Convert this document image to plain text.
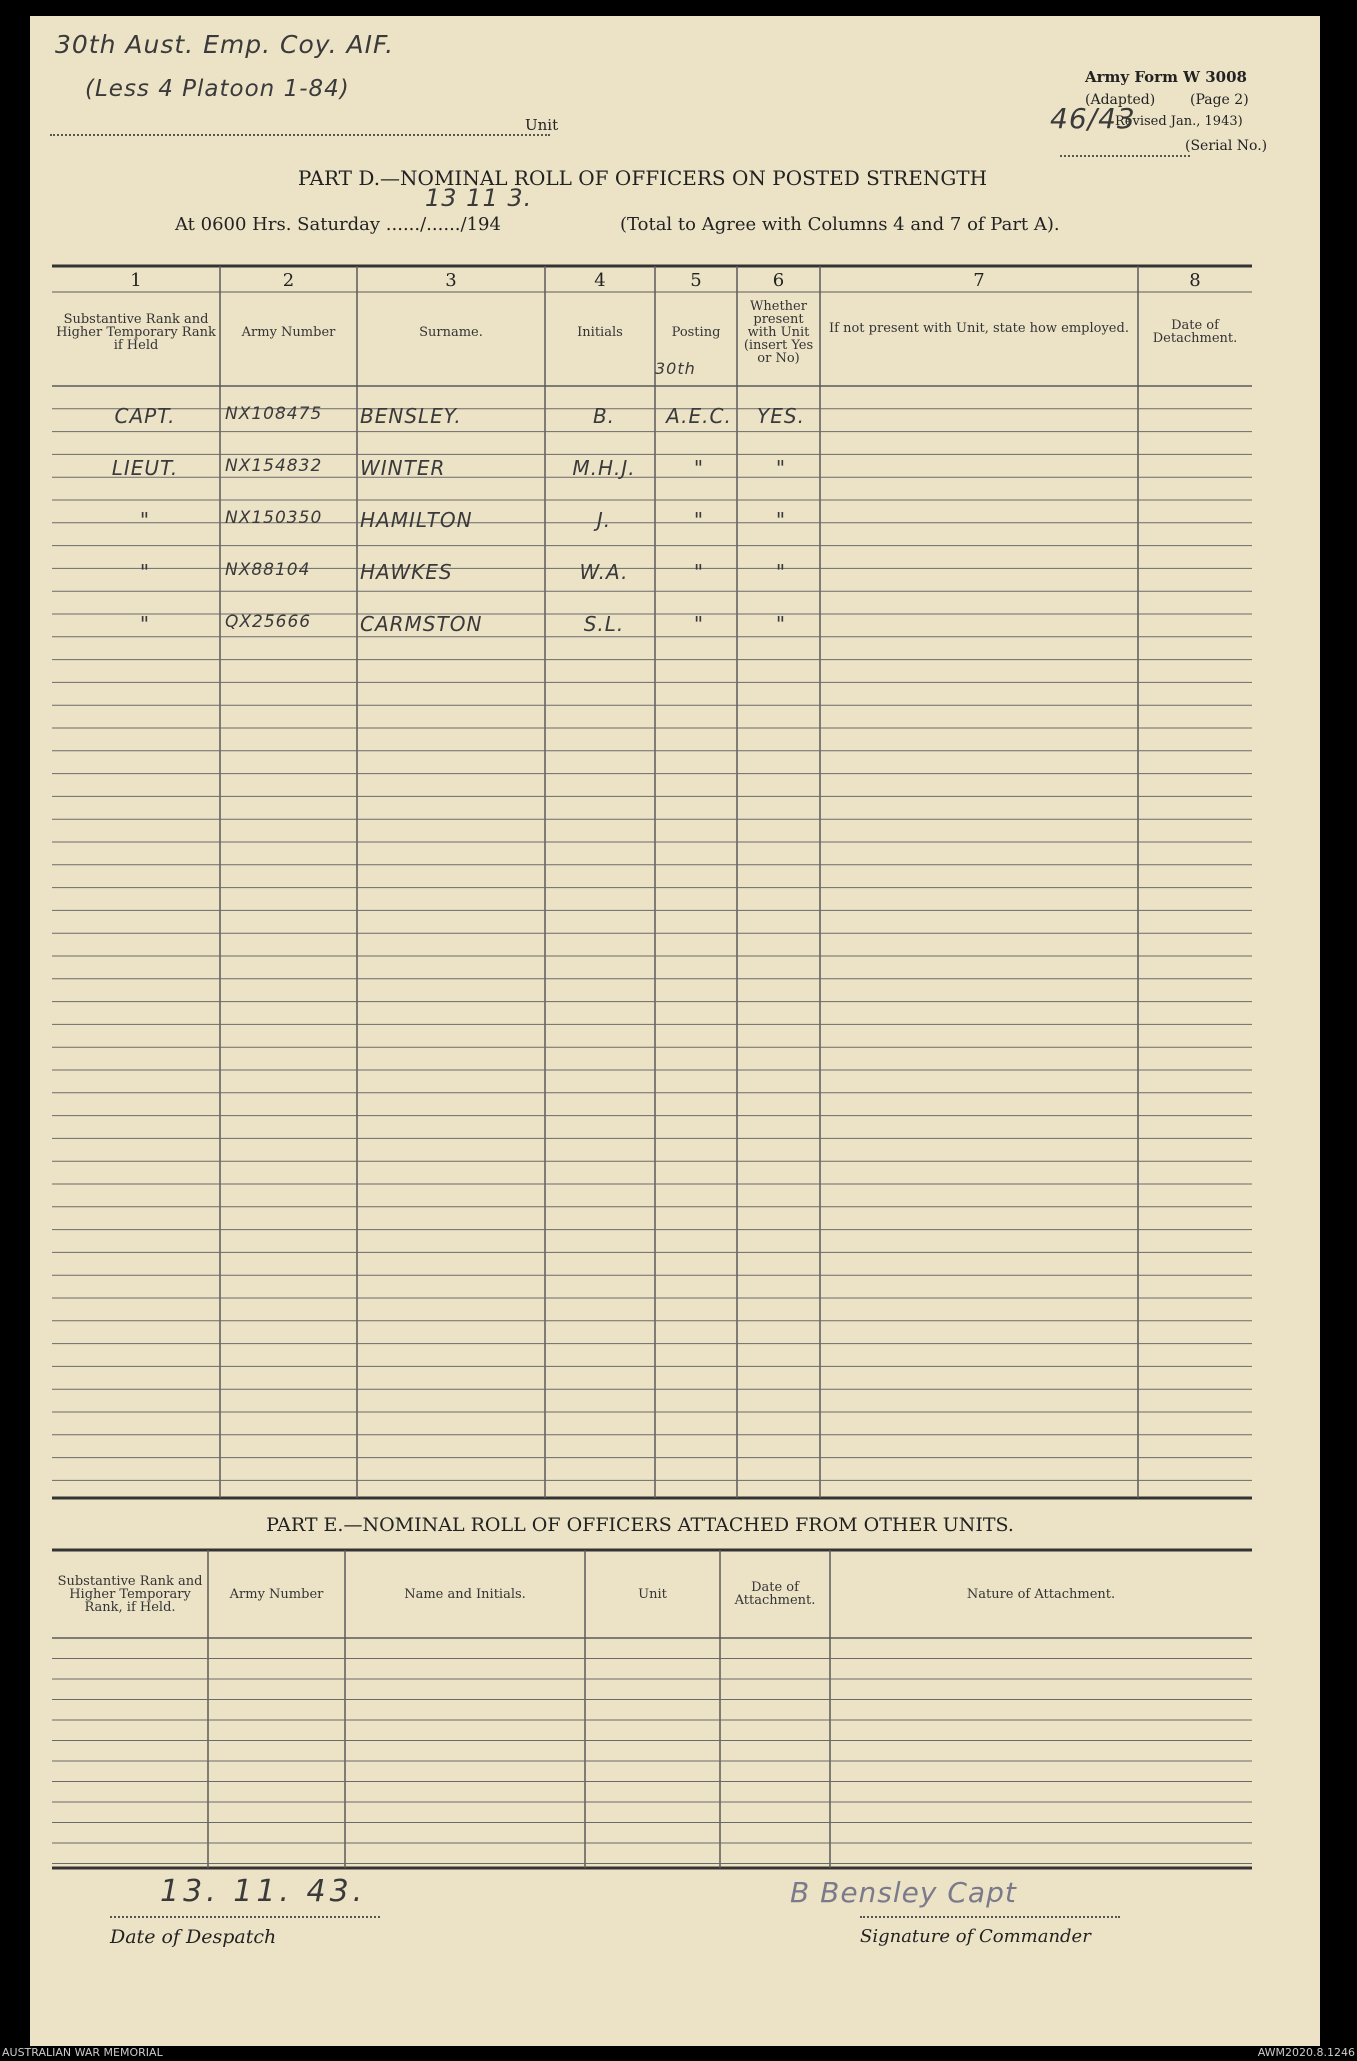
30th Aust. Emp. Coy. AIF.
(Less 4 Platoon 1-84)
Unit
Army Form W 3008
(Adapted) (Page 2)
Revised Jan., 1943)
46/43
(Serial No.)
PART D.—NOMINAL ROLL OF OFFICERS ON POSTED STRENGTH
13 11 3.
At 0600 Hrs. Saturday ....../....../194	(Total to Agree with Columns 4 and 7 of Part A).
1	2	3	4	5	6	7	8
Substantive Rank and Higher Temporary Rank if Held
Army Number	Surname.	Initials	Posting
Whether present with Unit (insert Yes or No)
If not present with Unit, state how employed.	Date of Detachment.
30th
CAPT.	NX108475	BENSLEY.	B.	A.E.C.	YES.
LIEUT.	NX154832	WINTER	M.H.J.	"	"
"	NX150350	HAMILTON	J.	"	"
"	NX88104	HAWKES	W.A.	"	"
"	QX25666	CARMSTON	S.L.	"	"
PART E.—NOMINAL ROLL OF OFFICERS ATTACHED FROM OTHER UNITS.
Substantive Rank and Higher Temporary Rank, if Held.
Army Number	Name and Initials.	Unit	Date of Attachment.	Nature of Attachment.
13. 11. 43.
Date of Despatch
B Bensley Capt
Signature of Commander
AUSTRALIAN WAR MEMORIAL	AWM2020.8.1246
